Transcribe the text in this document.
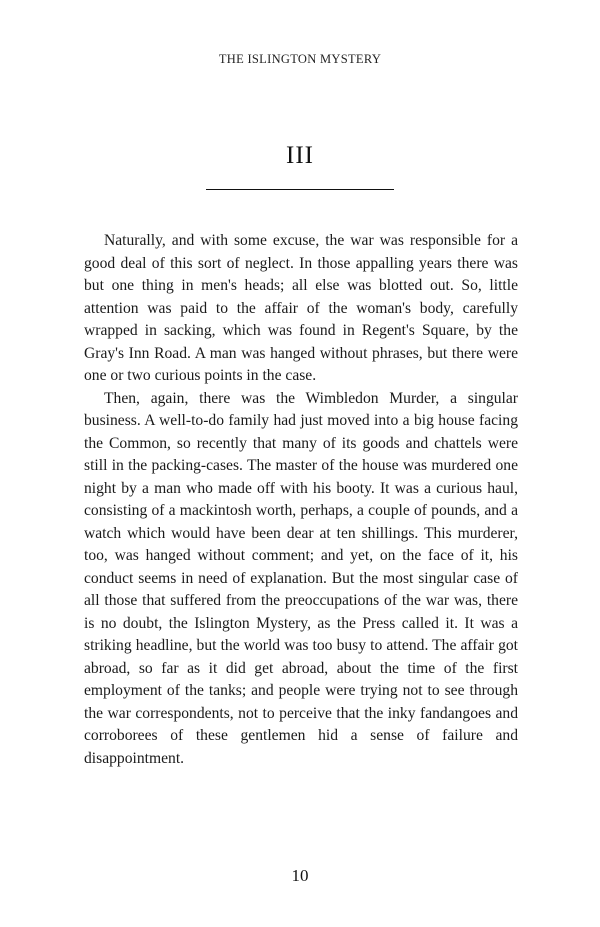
THE ISLINGTON MYSTERY
III

Naturally, and with some excuse, the war was responsible for a good deal of this sort of neglect. In those appalling years there was but one thing in men's heads; all else was blotted out. So, little attention was paid to the affair of the woman's body, carefully wrapped in sacking, which was found in Regent's Square, by the Gray's Inn Road. A man was hanged without phrases, but there were one or two curious points in the case.

Then, again, there was the Wimbledon Murder, a singular business. A well-to-do family had just moved into a big house facing the Common, so recently that many of its goods and chattels were still in the packing-cases. The master of the house was murdered one night by a man who made off with his booty. It was a curious haul, consisting of a mackintosh worth, perhaps, a couple of pounds, and a watch which would have been dear at ten shillings. This murderer, too, was hanged without comment; and yet, on the face of it, his conduct seems in need of explanation. But the most singular case of all those that suffered from the preoccupations of the war was, there is no doubt, the Islington Mystery, as the Press called it. It was a striking headline, but the world was too busy to attend. The affair got abroad, so far as it did get abroad, about the time of the first employment of the tanks; and people were trying not to see through the war correspondents, not to perceive that the inky fandangoes and corroborees of these gentlemen hid a sense of failure and disappointment.

10
